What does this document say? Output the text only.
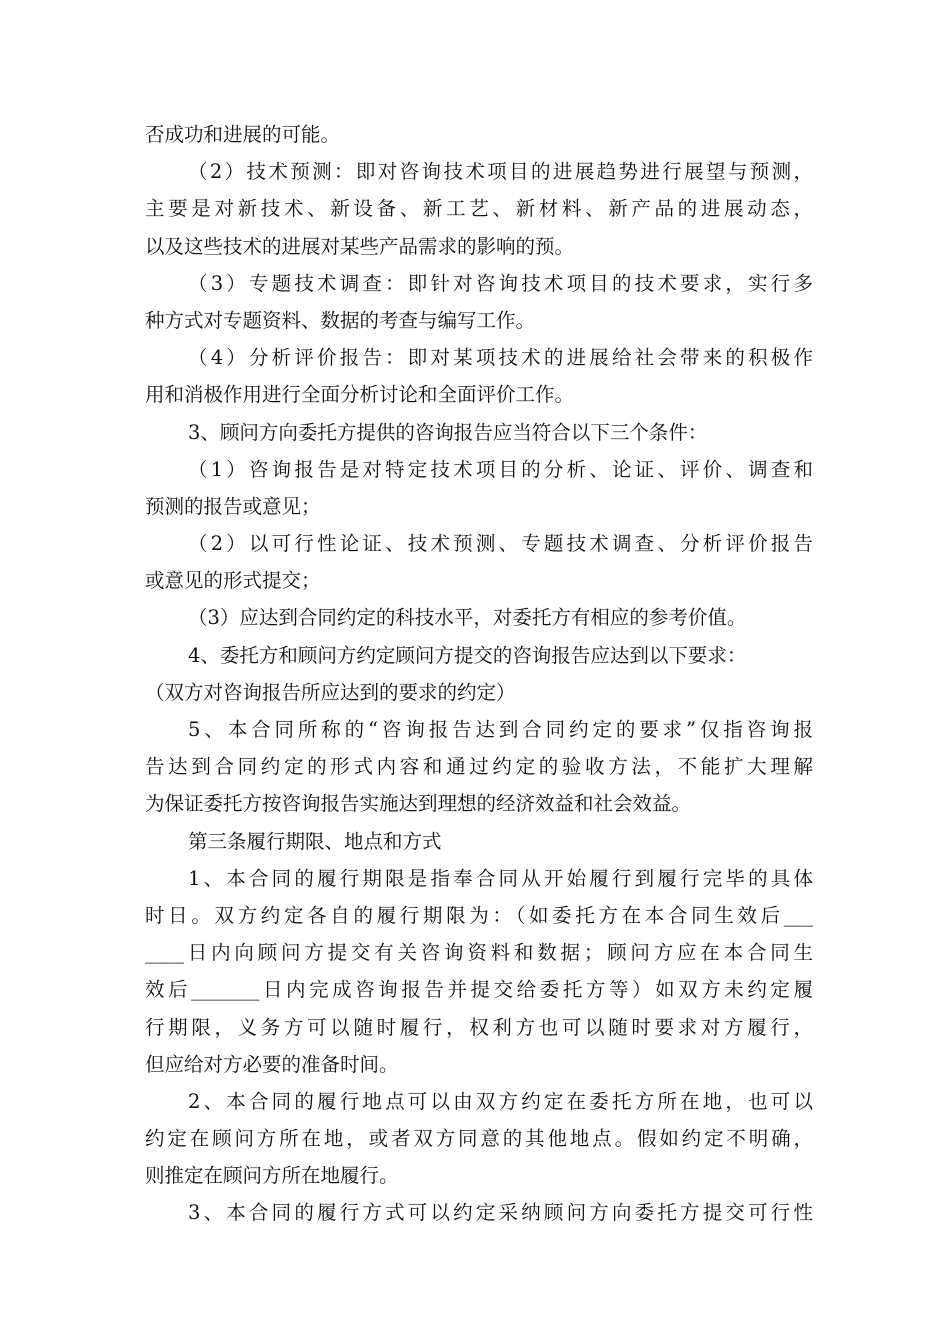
否成功和进展的可能。
（2）技术预测：即对咨询技术项目的进展趋势进行展望与预测，
主要是对新技术、新设备、新工艺、新材料、新产品的进展动态，
以及这些技术的进展对某些产品需求的影响的预。
（3）专题技术调查：即针对咨询技术项目的技术要求，实行多
种方式对专题资料、数据的考查与编写工作。
（4）分析评价报告：即对某项技术的进展给社会带来的积极作
用和消极作用进行全面分析讨论和全面评价工作。
3、顾问方向委托方提供的咨询报告应当符合以下三个条件：
（1）咨询报告是对特定技术项目的分析、论证、评价、调查和
预测的报告或意见；
（2）以可行性论证、技术预测、专题技术调查、分析评价报告
或意见的形式提交；
（3）应达到合同约定的科技水平，对委托方有相应的参考价值。
4、委托方和顾问方约定顾问方提交的咨询报告应达到以下要求：
（双方对咨询报告所应达到的要求的约定）
5、本合同所称的“咨询报告达到合同约定的要求”仅指咨询报
告达到合同约定的形式内容和通过约定的验收方法，不能扩大理解
为保证委托方按咨询报告实施达到理想的经济效益和社会效益。
第三条履行期限、地点和方式
1、本合同的履行期限是指奉合同从开始履行到履行完毕的具体
时日。双方约定各自的履行期限为：（如委托方在本合同生效后___
____日内向顾问方提交有关咨询资料和数据；顾问方应在本合同生
效后_______日内完成咨询报告并提交给委托方等）如双方未约定履
行期限，义务方可以随时履行，权利方也可以随时要求对方履行，
但应给对方必要的准备时间。
2、本合同的履行地点可以由双方约定在委托方所在地，也可以
约定在顾问方所在地，或者双方同意的其他地点。假如约定不明确，
则推定在顾问方所在地履行。
3、本合同的履行方式可以约定采纳顾问方向委托方提交可行性
